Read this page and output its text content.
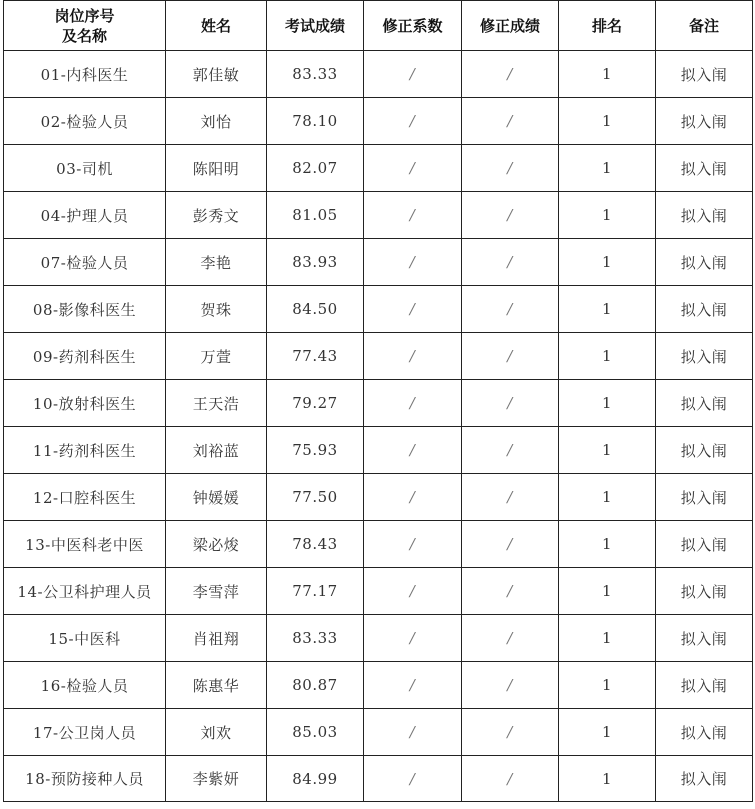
岗位序号
及名称	姓名	考试成绩	修正系数	修正成绩	排名	备注
01-内科医生	郭佳敏	83.33	/	/	1	拟入闱
02-检验人员	刘怡	78.10	/	/	1	拟入闱
03-司机	陈阳明	82.07	/	/	1	拟入闱
04-护理人员	彭秀文	81.05	/	/	1	拟入闱
07-检验人员	李艳	83.93	/	/	1	拟入闱
08-影像科医生	贺珠	84.50	/	/	1	拟入闱
09-药剂科医生	万萱	77.43	/	/	1	拟入闱
10-放射科医生	王天浩	79.27	/	/	1	拟入闱
11-药剂科医生	刘裕蓝	75.93	/	/	1	拟入闱
12-口腔科医生	钟媛媛	77.50	/	/	1	拟入闱
13-中医科老中医	梁必焌	78.43	/	/	1	拟入闱
14-公卫科护理人员	李雪萍	77.17	/	/	1	拟入闱
15-中医科	肖祖翔	83.33	/	/	1	拟入闱
16-检验人员	陈惠华	80.87	/	/	1	拟入闱
17-公卫岗人员	刘欢	85.03	/	/	1	拟入闱
18-预防接种人员	李紫妍	84.99	/	/	1	拟入闱
